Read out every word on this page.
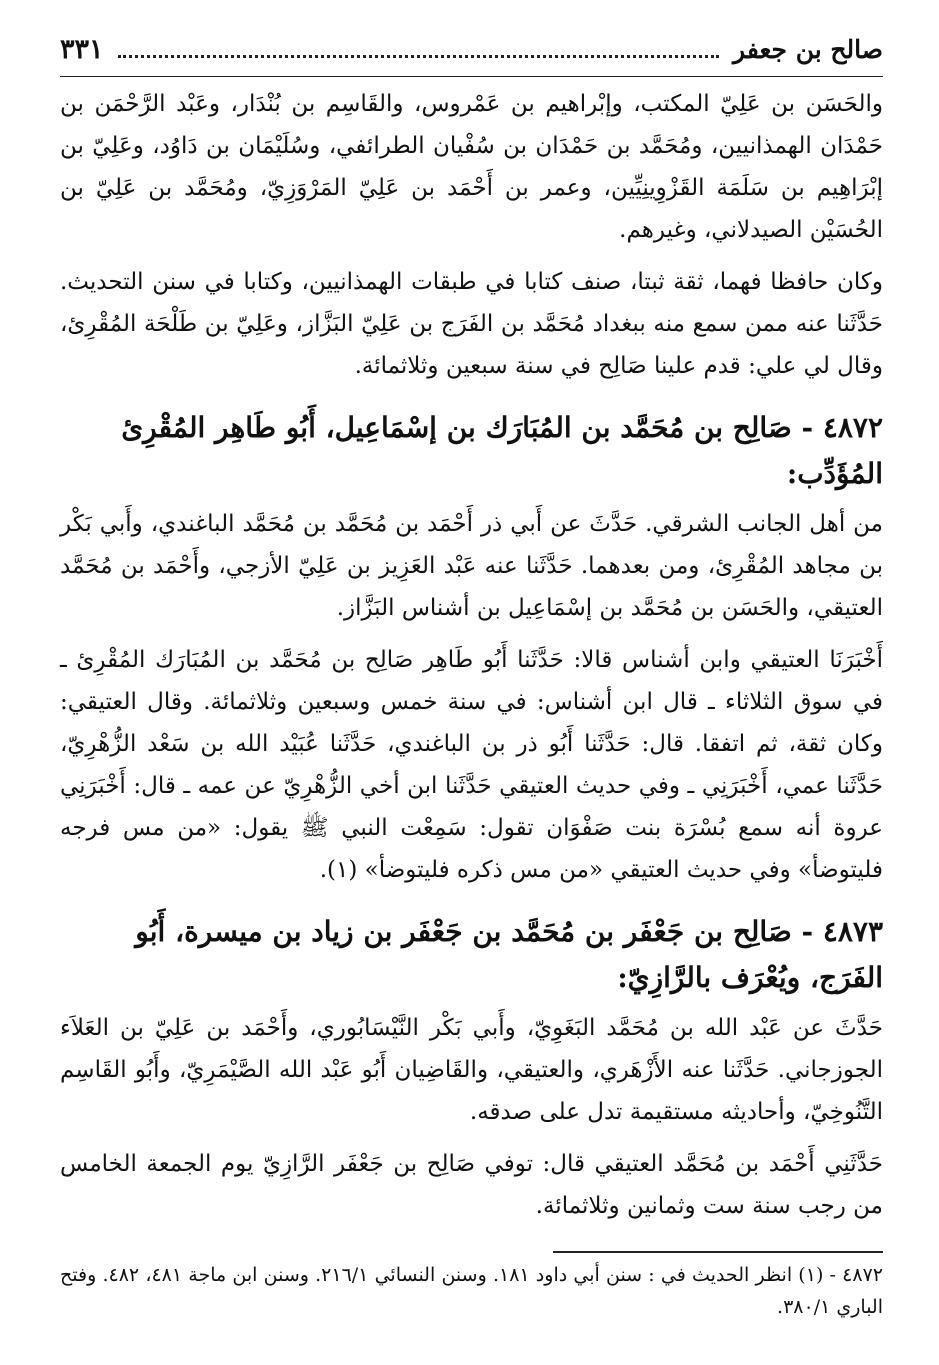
صالح بن جعفر
٣٣١

والحَسَن بن عَلِيّ المكتب، وإبْراهيم بن عَمْروس، والقَاسِم بن بُنْدَار، وعَبْد الرَّحْمَن بن حَمْدَان الهمذانيين، ومُحَمَّد بن حَمْدَان بن سُفْيان الطرائفي، وسُلَيْمَان بن دَاوُد، وعَلِيّ بن إبْرَاهِيم بن سَلَمَة القَزْوِينِيِّين، وعمر بن أَحْمَد بن عَلِيّ المَرْوَزِيّ، ومُحَمَّد بن عَلِيّ بن الحُسَيْن الصيدلاني، وغيرهم.

وكان حافظا فهما، ثقة ثبتا، صنف كتابا في طبقات الهمذانيين، وكتابا في سنن التحديث. حَدَّثَنا عنه ممن سمع منه ببغداد مُحَمَّد بن الفَرَج بن عَلِيّ البَزَّاز، وعَلِيّ بن طَلْحَة المُقْرِئ، وقال لي علي: قدم علينا صَالِح في سنة سبعين وثلاثمائة.

٤٨٧٢ - صَالِح بن مُحَمَّد بن المُبَارَك بن إسْمَاعِيل، أَبُو طَاهِر المُقْرِئ المُؤَدِّب:

من أهل الجانب الشرقي. حَدَّثَ عن أَبي ذر أَحْمَد بن مُحَمَّد بن مُحَمَّد الباغندي، وأَبي بَكْر بن مجاهد المُقْرِئ، ومن بعدهما. حَدَّثَنا عنه عَبْد العَزِيز بن عَلِيّ الأزجي، وأَحْمَد بن مُحَمَّد العتيقي، والحَسَن بن مُحَمَّد بن إسْمَاعِيل بن أشناس البَزَّاز.

أَخْبَرَنَا العتيقي وابن أشناس قالا: حَدَّثَنا أَبُو طَاهِر صَالِح بن مُحَمَّد بن المُبَارَك المُقْرِئ ـ في سوق الثلاثاء ـ قال ابن أشناس: في سنة خمس وسبعين وثلاثمائة. وقال العتيقي: وكان ثقة، ثم اتفقا. قال: حَدَّثَنا أَبُو ذر بن الباغندي، حَدَّثَنا عُبَيْد الله بن سَعْد الزُّهْرِيّ، حَدَّثَنا عمي، أَخْبَرَنِي ـ وفي حديث العتيقي حَدَّثَنا ابن أخي الزُّهْرِيّ عن عمه ـ قال: أَخْبَرَنِي عروة أنه سمع بُسْرَة بنت صَفْوَان تقول: سَمِعْت النبي ﷺ يقول: «من مس فرجه فليتوضأ» وفي حديث العتيقي «من مس ذكره فليتوضأ» (١).

٤٨٧٣ - صَالِح بن جَعْفَر بن مُحَمَّد بن جَعْفَر بن زياد بن ميسرة، أَبُو الفَرَج، ويُعْرَف بالرَّازِيّ:

حَدَّثَ عن عَبْد الله بن مُحَمَّد البَغَوِيّ، وأَبي بَكْر النَّيْسَابُوري، وأَحْمَد بن عَلِيّ بن العَلاَء الجوزجاني. حَدَّثَنا عنه الأَزْهَري، والعتيقي، والقَاضِيان أَبُو عَبْد الله الصَّيْمَرِيّ، وأَبُو القَاسِم التَّنُوخِيّ، وأحاديثه مستقيمة تدل على صدقه.

حَدَّثَنِي أَحْمَد بن مُحَمَّد العتيقي قال: توفي صَالِح بن جَعْفَر الرَّازِيّ يوم الجمعة الخامس من رجب سنة ست وثمانين وثلاثمائة.

٤٨٧٢ - (١) انظر الحديث في : سنن أبي داود ١٨١. وسنن النسائي ٢١٦/١. وسنن ابن ماجة ٤٨١، ٤٨٢. وفتح الباري ٣٨٠/١.
